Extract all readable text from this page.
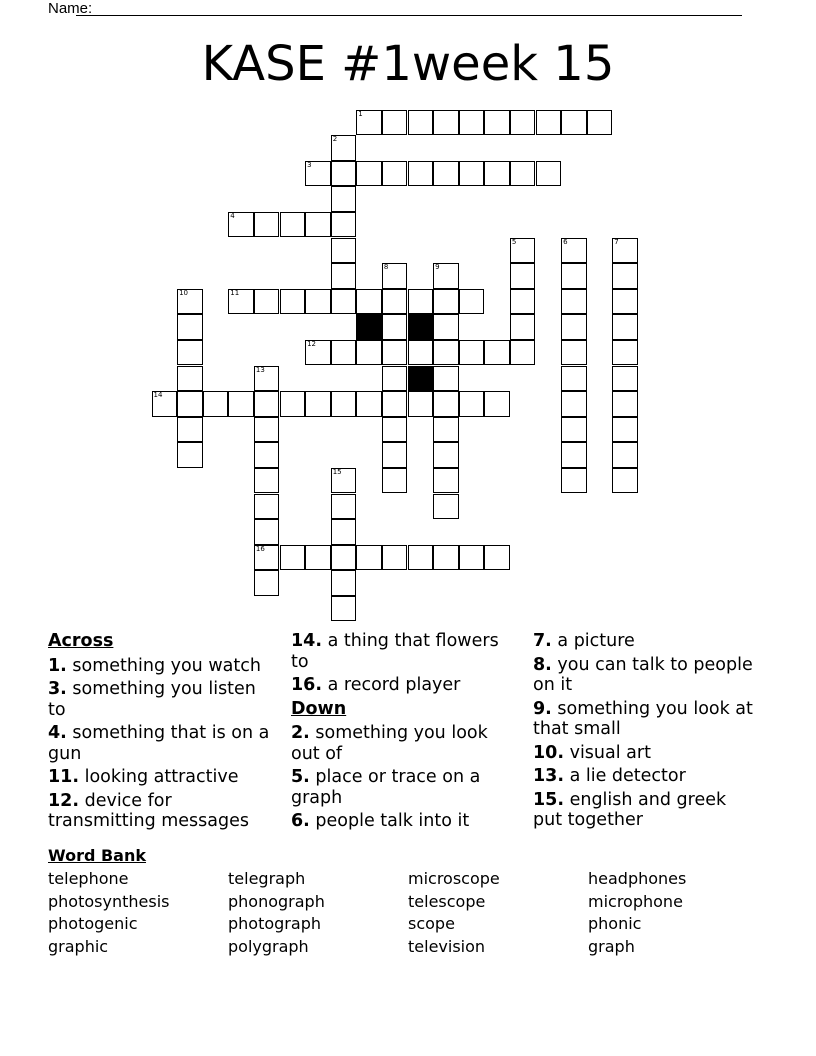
Name:
KASE #1week 15
1
2
3
4
5	6	7
8	9
10	11
12
13
16
14
15
Across
1. something you watch
3. something you listen to
4. something that is on a gun
11. looking attractive
12. device for transmitting messages
14. a thing that flowers to
16. a record player
Down
2. something you look out of
5. place or trace on a graph
6. people talk into it
7. a picture
8. you can talk to people on it
9. something you look at that small
10. visual art
13. a lie detector
15. english and greek put together
Word Bank
telephone	telegraph	microscope	headphones
photosynthesis	phonograph	telescope	microphone
photogenic	photograph	scope	phonic
graphic	polygraph	television	graph
